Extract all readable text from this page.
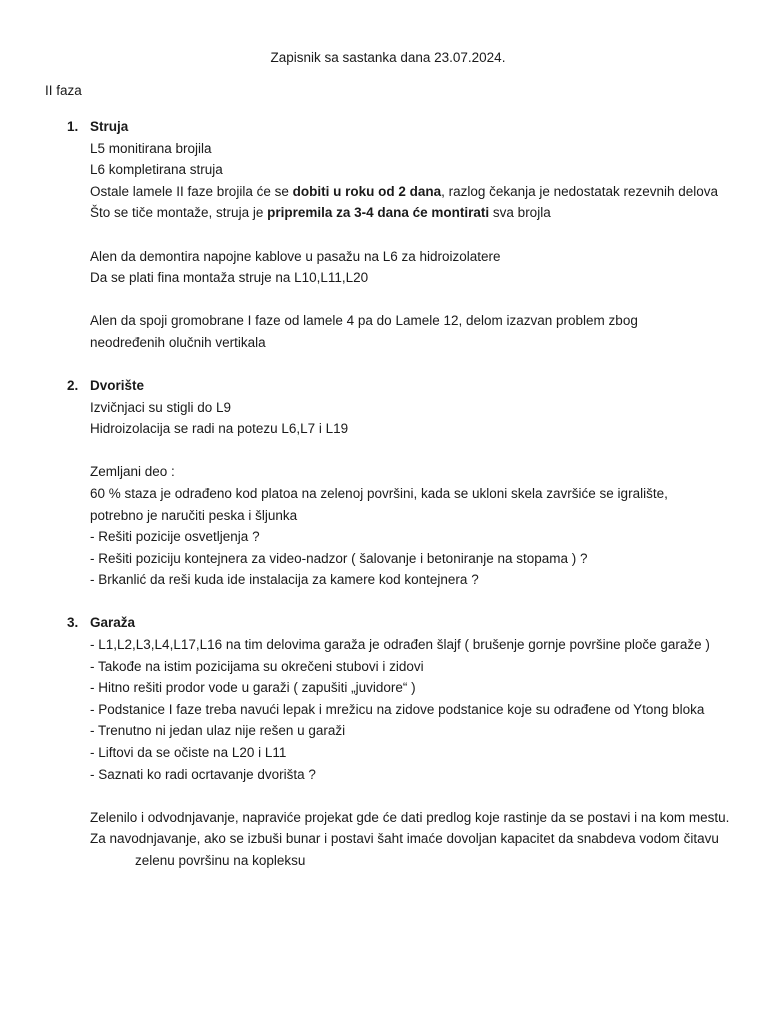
Zapisnik sa sastanka dana 23.07.2024.
II faza
1. Struja
L5 monitirana brojila
L6 kompletirana struja
Ostale lamele II faze brojila će se dobiti u roku od 2 dana, razlog čekanja je nedostatak rezevnih delova
Što se tiče montaže, struja je pripremila za 3-4 dana će montirati sva brojla
Alen da demontira napojne kablove u pasažu na L6 za hidroizolatere
Da se plati fina montaža struje na L10,L11,L20
Alen da spoji gromobrane I faze od lamele 4 pa do Lamele 12, delom izazvan problem zbog neodređenih olučnih vertikala
2. Dvorište
Izvičnjaci su stigli do L9
Hidroizolacija se radi na potezu L6,L7 i L19
Zemljani deo :
60 % staza je odrađeno kod platoa na zelenoj površini, kada se ukloni skela završiće se igralište, potrebno je naručiti peska i šljunka
- Rešiti pozicije osvetljenja ?
- Rešiti poziciju kontejnera za video-nadzor ( šalovanje i betoniranje na stopama ) ?
- Brkanlić da reši kuda ide instalacija za kamere kod kontejnera ?
3. Garaža
- L1,L2,L3,L4,L17,L16 na tim delovima garaža je odrađen šlajf ( brušenje gornje površine ploče garaže )
- Takođe na istim pozicijama su okrečeni stubovi i zidovi
- Hitno rešiti prodor vode u garaži ( zapušiti „juvidore“ )
- Podstanice I faze treba navući lepak i mrežicu na zidove podstanice koje su odrađene od Ytong bloka
- Trenutno ni jedan ulaz nije rešen u garaži
- Liftovi da se očiste na L20 i L11
- Saznati ko radi ocrtavanje dvorišta ?
Zelenilo i odvodnjavanje, napraviće projekat gde će dati predlog koje rastinje da se postavi i na kom mestu.
Za navodnjavanje, ako se izbuši bunar i postavi šaht imaće dovoljan kapacitet da snabdeva vodom čitavu zelenu površinu na kopleksu
